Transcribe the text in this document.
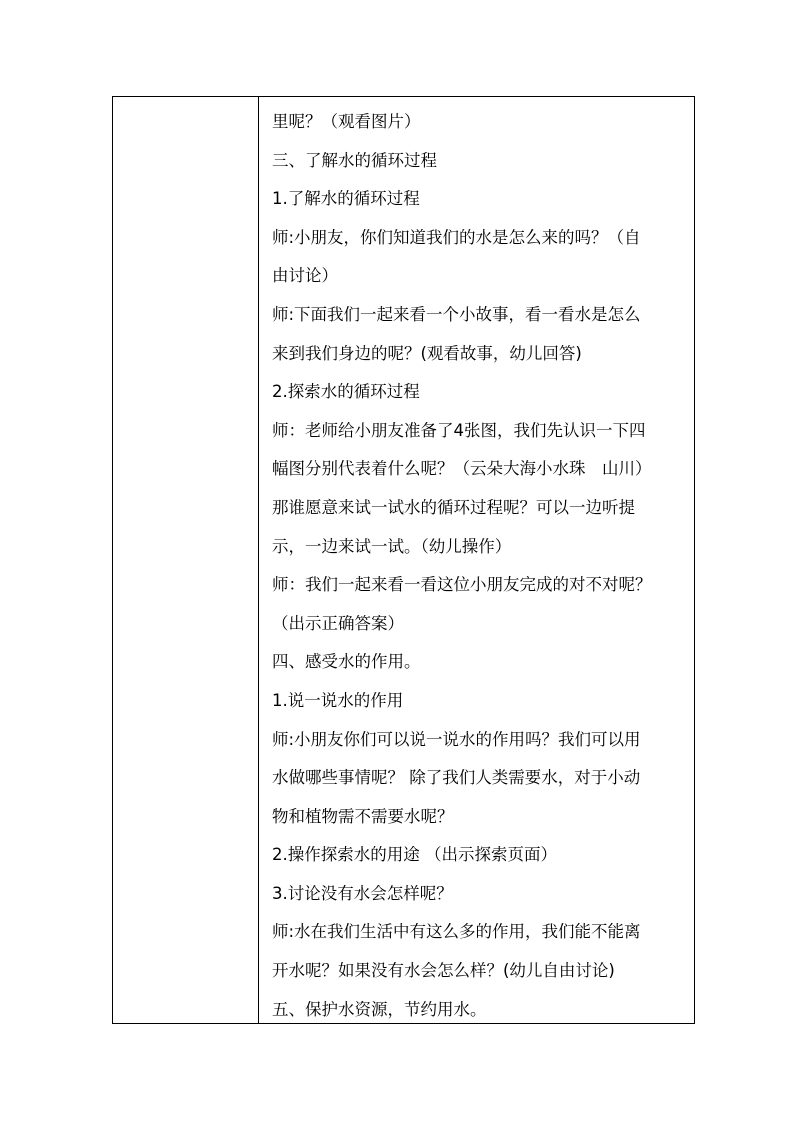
里呢？（观看图片）
三、了解水的循环过程
1.了解水的循环过程
师:小朋友，你们知道我们的水是怎么来的吗？（自
由讨论）
师:下面我们一起来看一个小故事，看一看水是怎么
来到我们身边的呢？(观看故事，幼儿回答)
2.探索水的循环过程
师：老师给小朋友准备了4张图，我们先认识一下四
幅图分别代表着什么呢？（云朵大海小水珠　山川）
那谁愿意来试一试水的循环过程呢？可以一边听提
示，一边来试一试。（幼儿操作）
师：我们一起来看一看这位小朋友完成的对不对呢？
（出示正确答案）
四、感受水的作用。
1.说一说水的作用
师:小朋友你们可以说一说水的作用吗？我们可以用
水做哪些事情呢？ 除了我们人类需要水，对于小动
物和植物需不需要水呢？
2.操作探索水的用途 （出示探索页面）
3.讨论没有水会怎样呢？
师:水在我们生活中有这么多的作用，我们能不能离
开水呢？如果没有水会怎么样？(幼儿自由讨论)
五、保护水资源，节约用水。
